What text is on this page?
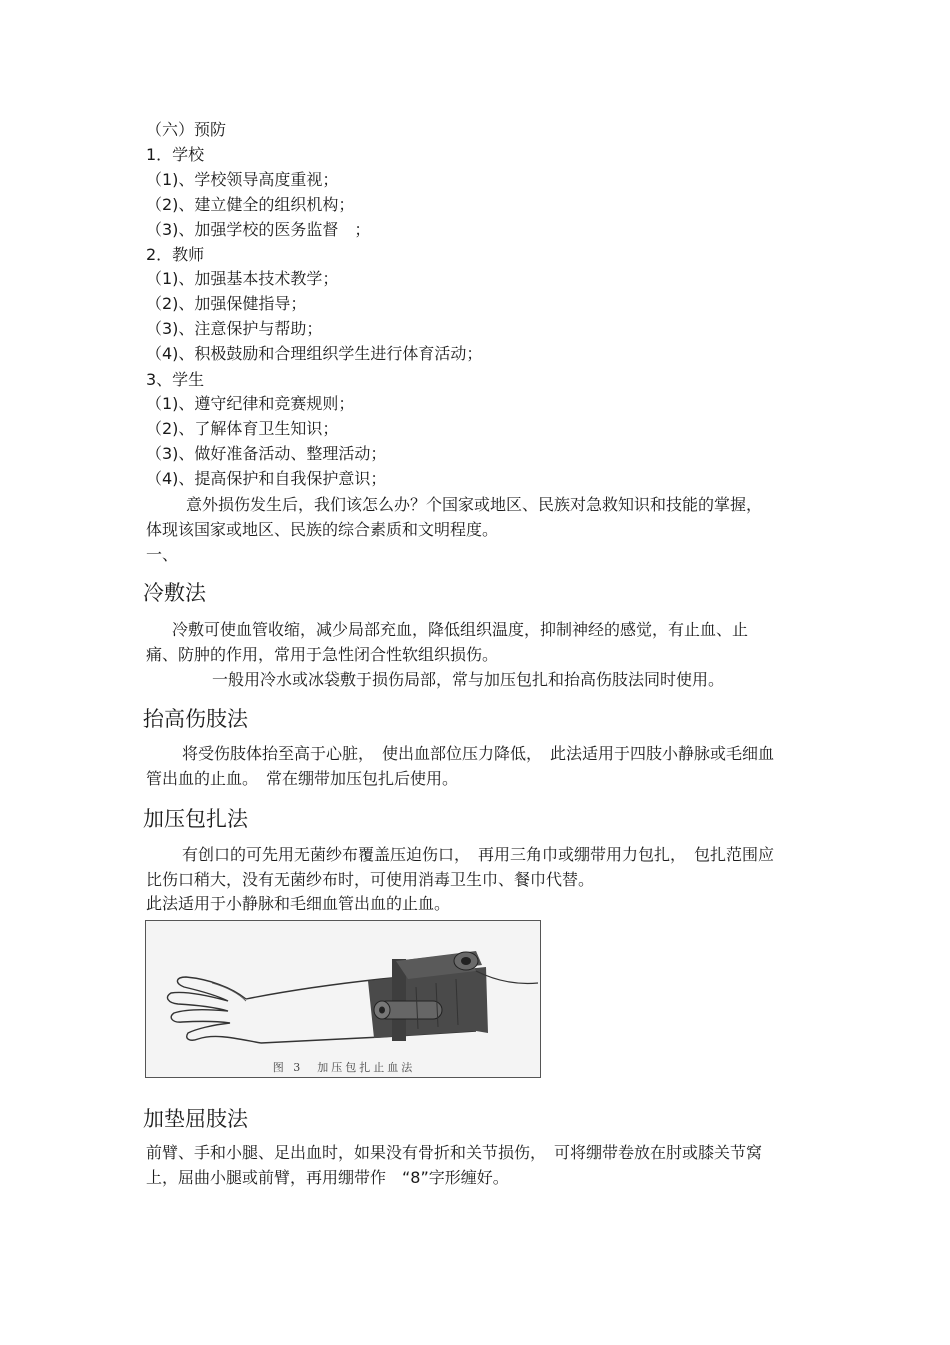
（六）预防
1．学校
（1)、学校领导高度重视；
（2)、建立健全的组织机构；
（3)、加强学校的医务监督　；
2．教师
（1)、加强基本技术教学；
（2)、加强保健指导；
（3)、注意保护与帮助；
（4)、积极鼓励和合理组织学生进行体育活动；
3、学生
（1)、遵守纪律和竞赛规则；
（2)、了解体育卫生知识；
（3)、做好准备活动、整理活动；
（4)、提高保护和自我保护意识；
意外损伤发生后，我们该怎么办？个国家或地区、民族对急救知识和技能的掌握，
体现该国家或地区、民族的综合素质和文明程度。
一、
冷敷法
冷敷可使血管收缩，减少局部充血，降低组织温度，抑制神经的感觉，有止血、止
痛、防肿的作用，常用于急性闭合性软组织损伤。
一般用冷水或冰袋敷于损伤局部，常与加压包扎和抬高伤肢法同时使用。
抬高伤肢法
将受伤肢体抬至高于心脏，　使出血部位压力降低，　此法适用于四肢小静脉或毛细血
管出血的止血。　常在绷带加压包扎后使用。
加压包扎法
有创口的可先用无菌纱布覆盖压迫伤口，　再用三角巾或绷带用力包扎，　包扎范围应
比伤口稍大，没有无菌纱布时，可使用消毒卫生巾、餐巾代替。
此法适用于小静脉和毛细血管出血的止血。
图 3　加压包扎止血法
加垫屈肢法
前臂、手和小腿、足出血时，如果没有骨折和关节损伤，　可将绷带卷放在肘或膝关节窝
上，屈曲小腿或前臂，再用绷带作　“8”字形缠好。
